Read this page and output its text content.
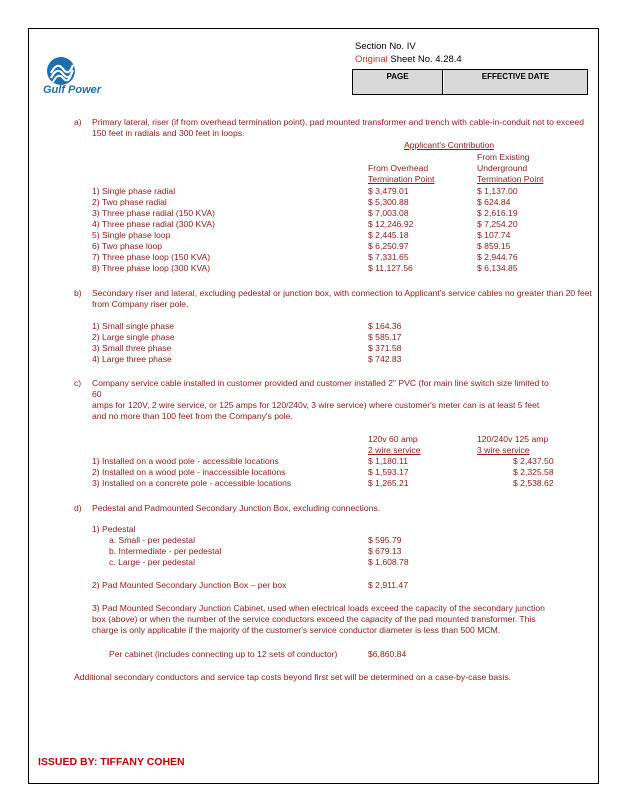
Gulf Power
Section No. IV
Original Sheet No. 4.28.4
PAGE	EFFECTIVE DATE
a) Primary lateral, riser (if from overhead termination point), pad mounted transformer and trench with cable-in-conduit not to exceed 150 feet in radials and 300 feet in loops.
Applicant's Contribution
From Existing
From Overhead	Underground
Termination Point	Termination Point
1) Single phase radial	$ 3,479.01	$ 1,137.00
2) Two phase radial	$ 5,300.88	$ 624.84
3) Three phase radial (150 KVA)	$ 7,003.08	$ 2,616.19
4) Three phase radial (300 KVA)	$ 12,246.92	$ 7,254.20
5) Single phase loop	$ 2,445.18	$ 107.74
6) Two phase loop	$ 6,250.97	$ 859.15
7) Three phase loop (150 KVA)	$ 7,331.65	$ 2,944.76
8) Three phase loop (300 KVA)	$ 11,127.56	$ 6,134.85
b) Secondary riser and lateral, excluding pedestal or junction box, with connection to Applicant's service cables no greater than 20 feet from Company riser pole.
1) Small single phase	$ 164.36
2) Large single phase	$ 585.17
3) Small three phase	$ 371.58
4) Large three phase	$ 742.83
c) Company service cable installed in customer provided and customer installed 2" PVC (for main line switch size limited to
60
amps for 120V, 2 wire service, or 125 amps for 120/240v, 3 wire service) where customer's meter can is at least 5 feet
and no more than 100 feet from the Company's pole.
120v 60 amp	120/240v 125 amp
2 wire service	3 wire service
1) Installed on a wood pole - accessible locations	$ 1,180.11	$ 2,437.50
2) Installed on a wood pole - inaccessible locations	$ 1,593.17	$ 2,325.58
3) Installed on a concrete pole - accessible locations	$ 1,265.21	$ 2,538.62
d) Pedestal and Padmounted Secondary Junction Box, excluding connections.
1) Pedestal
a. Small - per pedestal	$ 595.79
b. Intermediate - per pedestal	$ 679.13
c. Large - per pedestal	$ 1,608.78
2) Pad Mounted Secondary Junction Box – per box	$ 2,911.47
3) Pad Mounted Secondary Junction Cabinet, used when electrical loads exceed the capacity of the secondary junction
box (above) or when the number of the service conductors exceed the capacity of the pad mounted transformer. This
charge is only applicable if the majority of the customer's service conductor diameter is less than 500 MCM.
Per cabinet (includes connecting up to 12 sets of conductor)	$6,860.84
Additional secondary conductors and service tap costs beyond first set will be determined on a case-by-case basis.
ISSUED BY: TIFFANY COHEN
